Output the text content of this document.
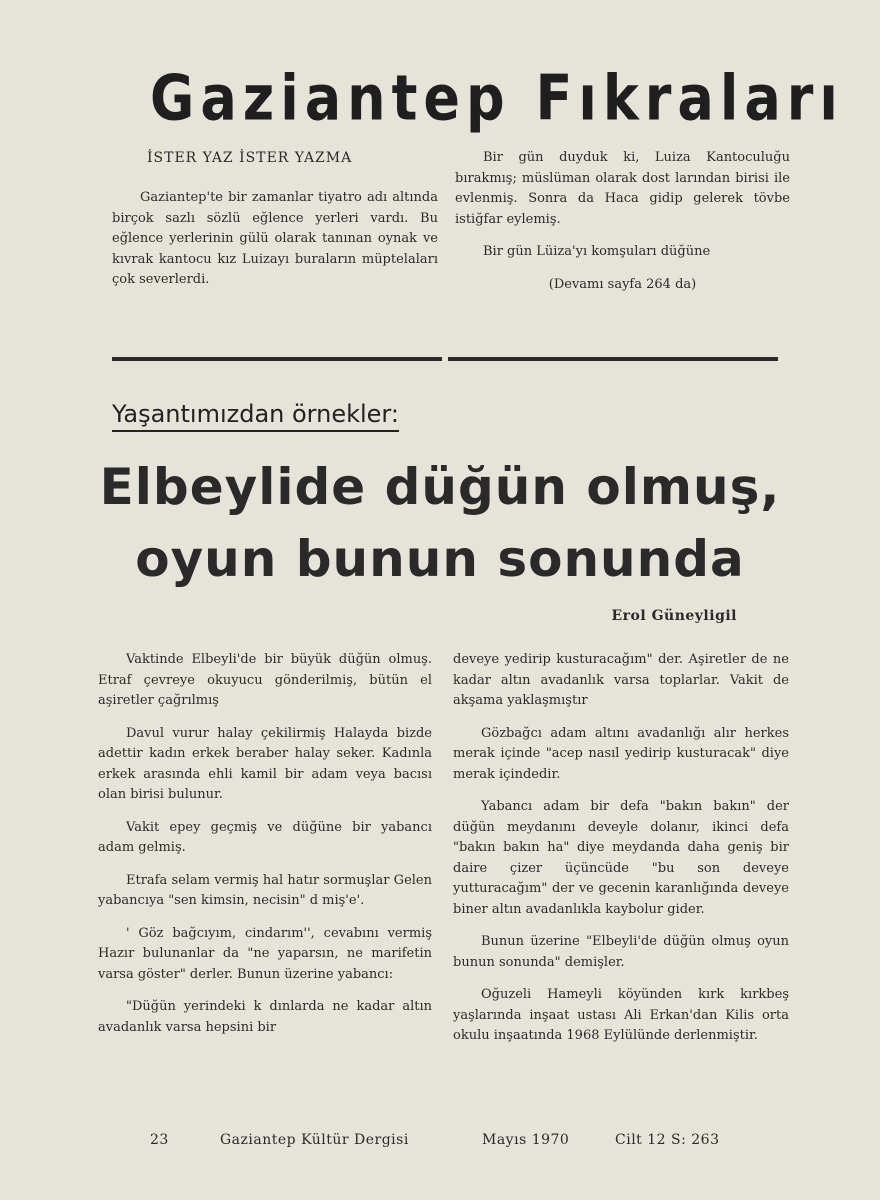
Gaziantep Fıkraları
İSTER YAZ İSTER YAZMA

Gaziantep'te bir zamanlar tiyatro adı altında birçok sazlı sözlü eğlence yerleri vardı. Bu eğlence yerlerinin gülü olarak tanınan oynak ve kıvrak kantocu kız Luizayı buraların müptelaları çok severlerdi.

Bir gün duyduk ki, Luiza Kantoculuğu bırakmış; müslüman olarak dost larından birisi ile evlenmiş. Sonra da Haca gidip gelerek tövbe istiğfar eylemiş.

Bir gün Lüiza'yı komşuları düğüne

(Devamı sayfa 264 da)

Yaşantımızdan örnekler:
Elbeylide düğün olmuş,
oyun bunun sonunda
Erol Güneyligil

Vaktinde Elbeyli'de bir büyük düğün olmuş. Etraf çevreye okuyucu gönderilmiş, bütün el aşiretler çağrılmış

Davul vurur halay çekilirmiş Halayda bizde adettir kadın erkek beraber halay seker. Kadınla erkek arasında ehli kamil bir adam veya bacısı olan birisi bulunur.

Vakit epey geçmiş ve düğüne bir yabancı adam gelmiş.

Etrafa selam vermiş hal hatır sormuşlar Gelen yabancıya "sen kimsin, necisin" d miş'e'.

' Göz bağcıyım, cindarım'', cevabını vermiş Hazır bulunanlar da "ne yaparsın, ne marifetin varsa göster" derler. Bunun üzerine yabancı:

"Düğün yerindeki k dınlarda ne kadar altın avadanlık varsa hepsini bir

deveye yedirip kusturacağım" der. Aşiretler de ne kadar altın avadanlık varsa toplarlar. Vakit de akşama yaklaşmıştır

Gözbağcı adam altını avadanlığı alır herkes merak içinde "acep nasıl yedirip kusturacak" diye merak içindedir.

Yabancı adam bir defa "bakın bakın" der düğün meydanını deveyle dolanır, ikinci defa "bakın bakın ha" diye meydanda daha geniş bir daire çizer üçüncüde "bu son deveye yutturacağım" der ve gecenin karanlığında deveye biner altın avadanlıkla kaybolur gider.

Bunun üzerine "Elbeyli'de düğün olmuş oyun bunun sonunda" demişler.

Oğuzeli Hameyli köyünden kırk kırkbeş yaşlarında inşaat ustası Ali Erkan'dan Kilis orta okulu inşaatında 1968 Eylülünde derlenmiştir.

23	Gaziantep Kültür Dergisi	Mayıs 1970	Cilt 12 S: 263
